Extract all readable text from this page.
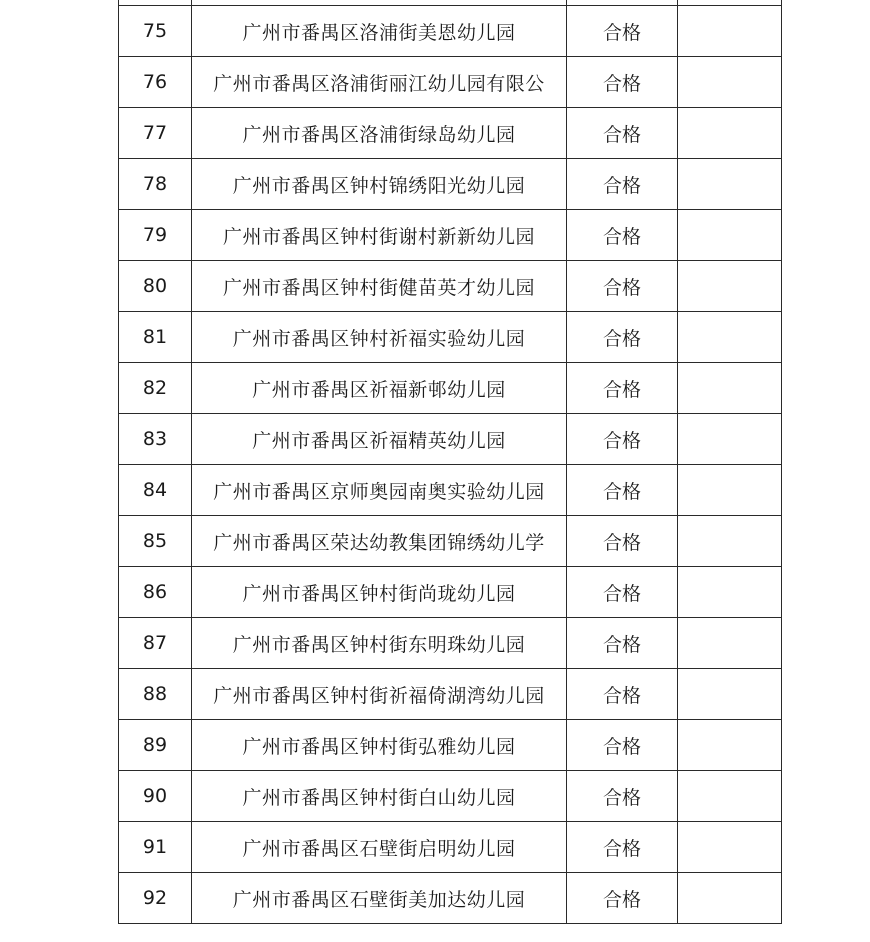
75	广州市番禺区洛浦街美恩幼儿园	合格	
76	广州市番禺区洛浦街丽江幼儿园有限公	合格	
77	广州市番禺区洛浦街绿岛幼儿园	合格	
78	广州市番禺区钟村锦绣阳光幼儿园	合格	
79	广州市番禺区钟村街谢村新新幼儿园	合格	
80	广州市番禺区钟村街健苗英才幼儿园	合格	
81	广州市番禺区钟村祈福实验幼儿园	合格	
82	广州市番禺区祈福新邨幼儿园	合格	
83	广州市番禺区祈福精英幼儿园	合格	
84	广州市番禺区京师奥园南奥实验幼儿园	合格	
85	广州市番禺区荣达幼教集团锦绣幼儿学	合格	
86	广州市番禺区钟村街尚珑幼儿园	合格	
87	广州市番禺区钟村街东明珠幼儿园	合格	
88	广州市番禺区钟村街祈福倚湖湾幼儿园	合格	
89	广州市番禺区钟村街弘雅幼儿园	合格	
90	广州市番禺区钟村街白山幼儿园	合格	
91	广州市番禺区石壁街启明幼儿园	合格	
92	广州市番禺区石壁街美加达幼儿园	合格	
